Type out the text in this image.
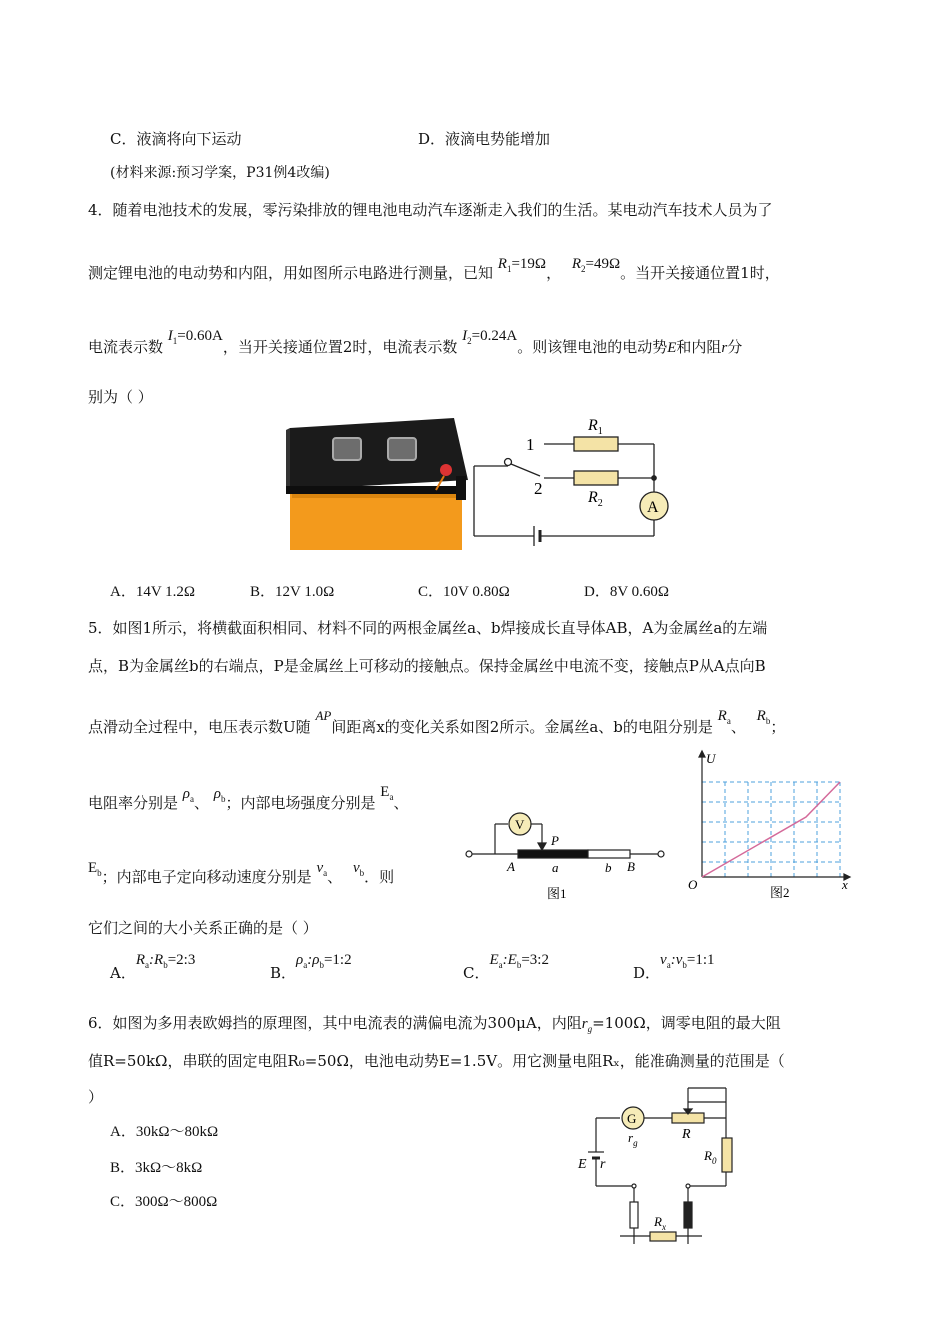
C．液滴将向下运动	D．液滴电势能增加
(材料来源:预习学案，P31例4改编)
4．随着电池技术的发展，零污染排放的锂电池电动汽车逐渐走入我们的生活。某电动汽车技术人员为了
测定锂电池的电动势和内阻，用如图所示电路进行测量，已知 $R_1=19\Omega$， $R_2=49\Omega$。当开关接通位置1时，
电流表示数 $I_1=0.60A$，当开关接通位置2时，电流表示数 $I_2=0.24A$。则该锂电池的电动势E和内阻r分
别为（ ）
1
2
$R_1$
$R_2$	A
A．14V 1.2Ω	B．12V 1.0Ω	C．10V 0.80Ω	D．8V 0.60Ω
5．如图1所示，将横截面积相同、材料不同的两根金属丝a、b焊接成长直导体AB，A为金属丝a的左端
点，B为金属丝b的右端点，P是金属丝上可移动的接触点。保持金属丝中电流不变，接触点P从A点向B
点滑动全过程中，电压表示数U随 AP间距离x的变化关系如图2所示。金属丝a、b的电阻分别是 $R_a$、 $R_b$；
电阻率分别是 $\rho_a$、 $\rho_b$；内部电场强度分别是 $E_a$、
$E_b$；内部电子定向移动速度分别是 $v_a$、 $v_b$．则
它们之间的大小关系正确的是（ ）
V
P
A	a	b B
图1
U
O	x
图2
A．$R_a:R_b=2:3$
B．$\rho_a:\rho_b=1:2$
C．$E_a:E_b=3:2$
D．$v_a:v_b=1:1$
6．如图为多用表欧姆挡的原理图，其中电流表的满偏电流为300μA，内阻$r_g=100\Omega$，调零电阻的最大阻
值R=50kΩ，串联的固定电阻R₀=50Ω，电池电动势E=1.5V。用它测量电阻Rₓ，能准确测量的范围是（
）
A．30kΩ～80kΩ
B．3kΩ～8kΩ
C．300Ω～800Ω
G
$r_g$
R
$R_0$
E r
$R_x$
